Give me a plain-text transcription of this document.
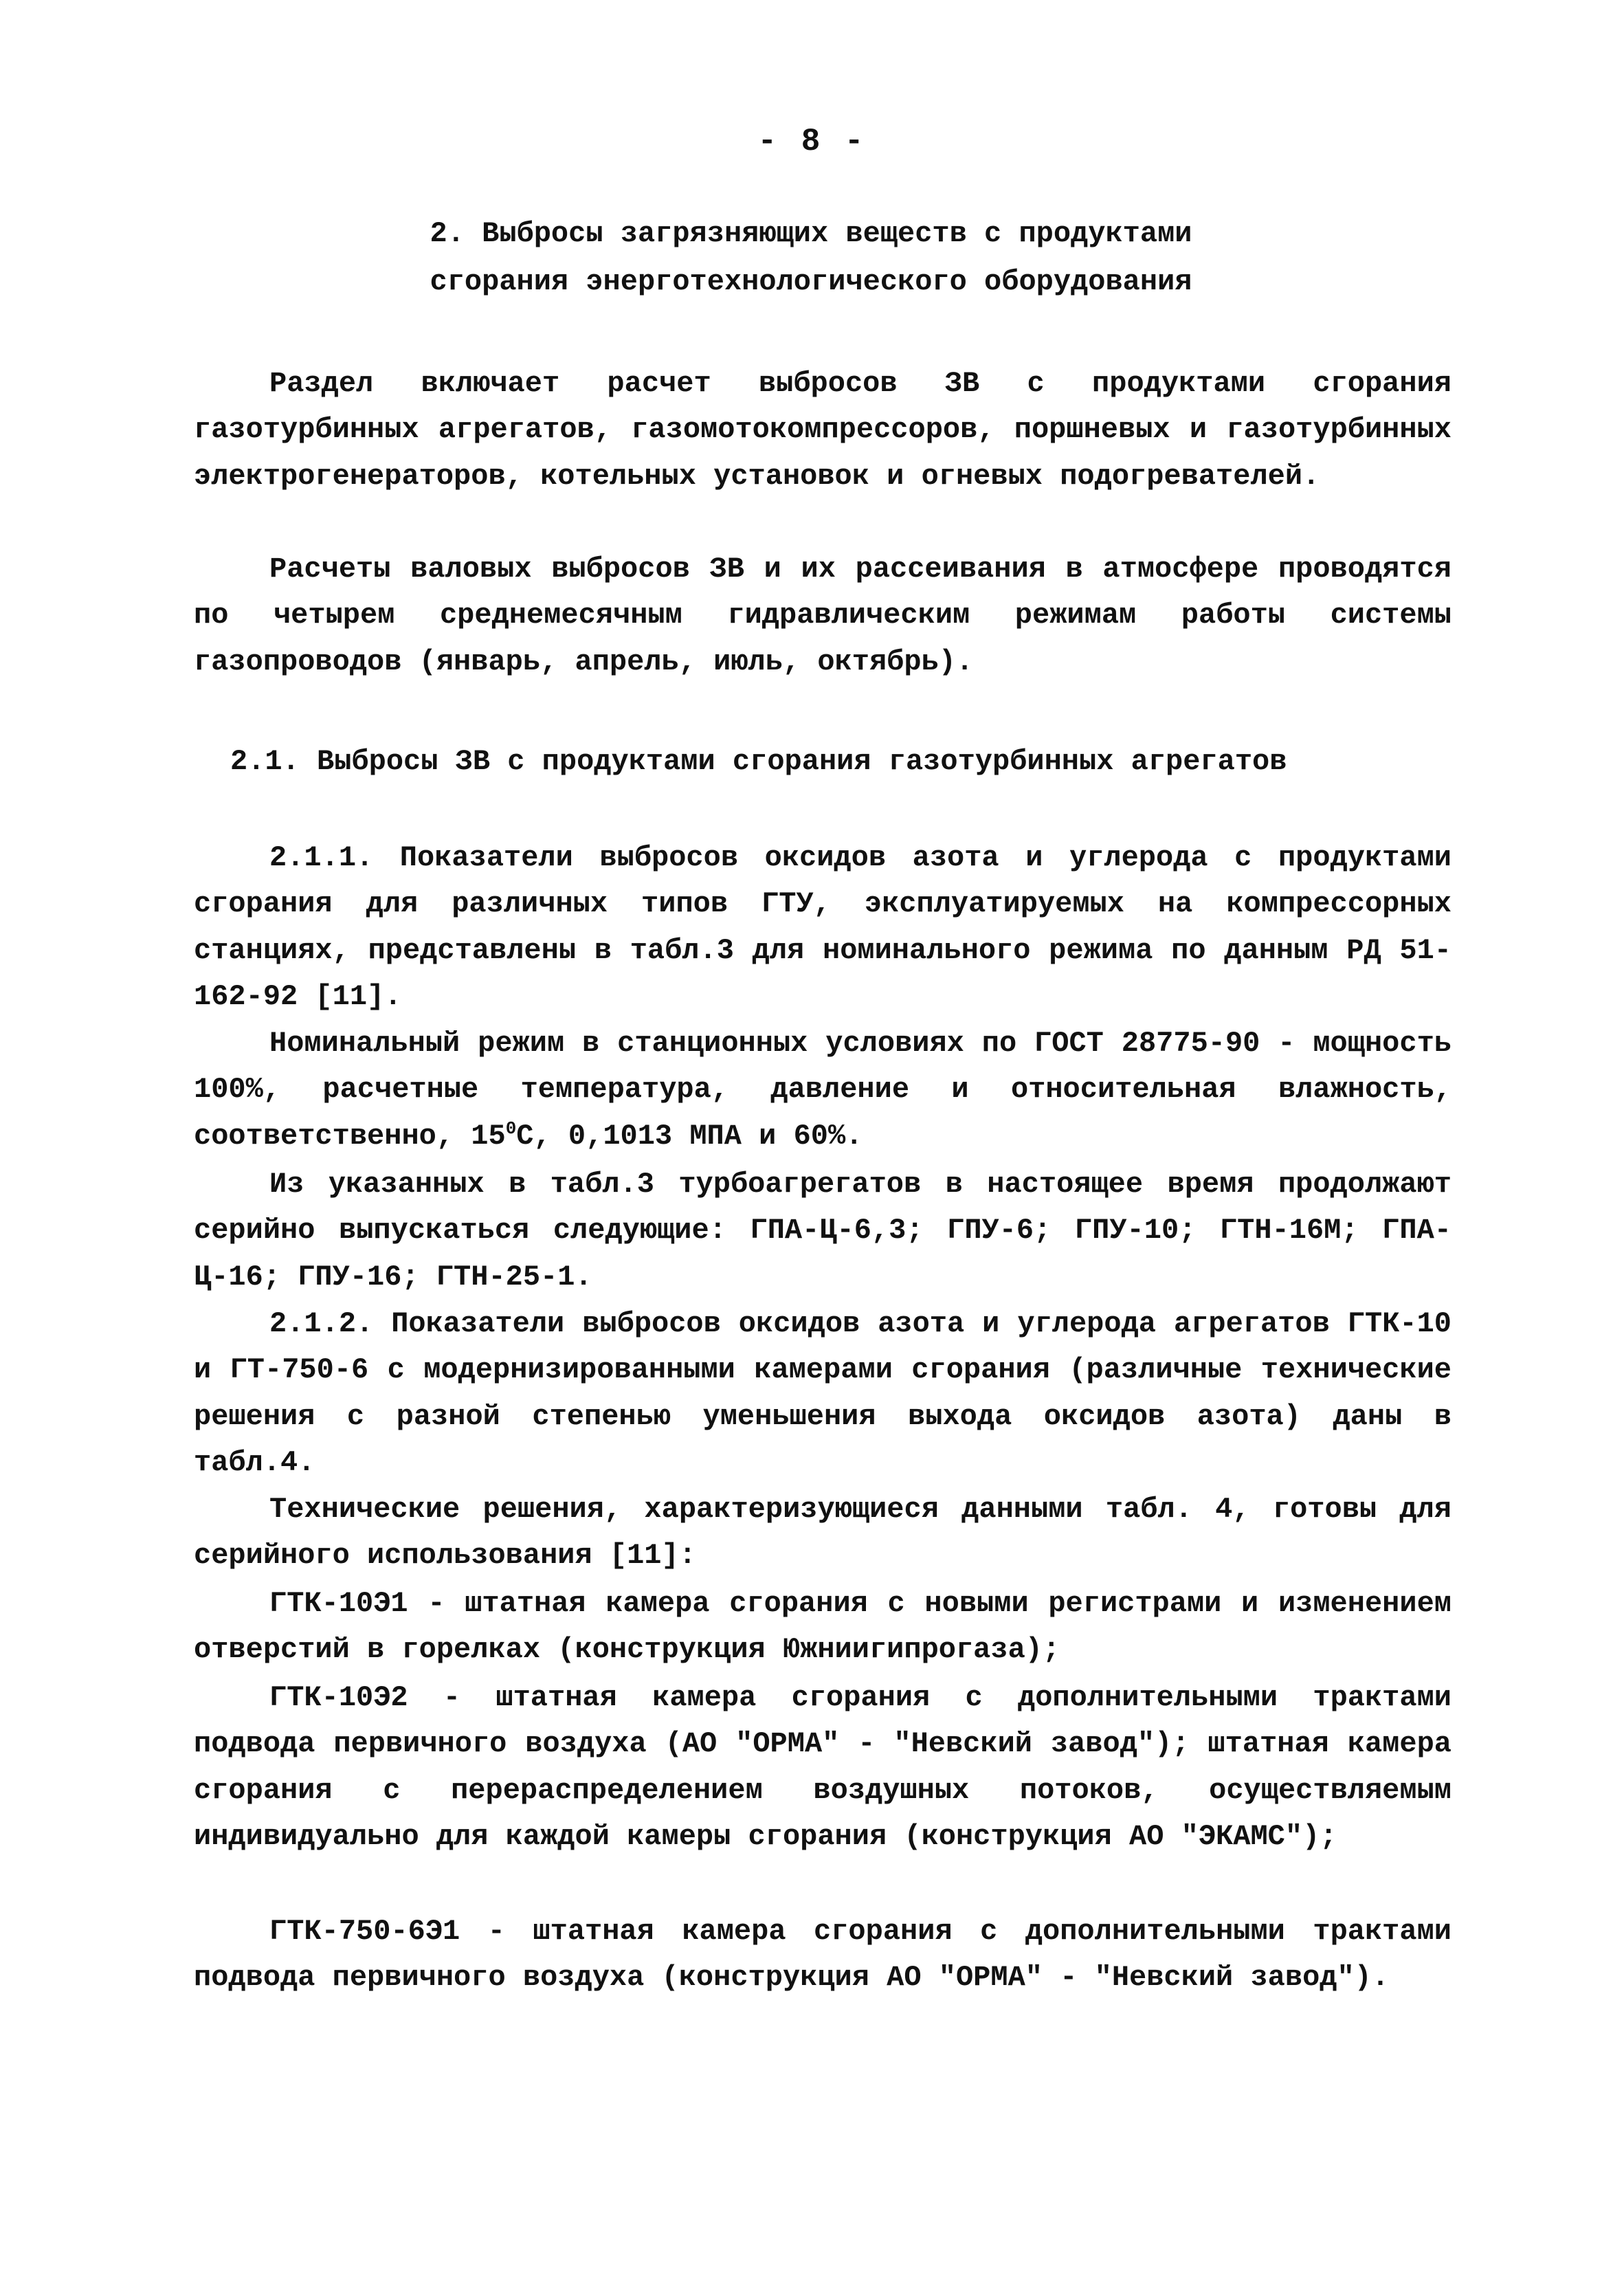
- 8 -
2. Выбросы загрязняющих веществ с продуктами
сгорания энерготехнологического оборудования

Раздел включает расчет выбросов ЗВ с продуктами сгорания газотурбинных агрегатов, газомотокомпрессоров, поршневых и газотурбинных электрогенераторов, котельных установок и огневых подогревателей.

Расчеты валовых выбросов ЗВ и их рассеивания в атмосфере проводятся по четырем среднемесячным гидравлическим режимам работы системы газопроводов (январь, апрель, июль, октябрь).

2.1. Выбросы ЗВ с продуктами сгорания газотурбинных агрегатов

2.1.1. Показатели выбросов оксидов азота и углерода с продуктами сгорания для различных типов ГТУ, эксплуатируемых на компрессорных станциях, представлены в табл.3 для номинального режима по данным РД 51-162-92 [11].

Номинальный режим в станционных условиях по ГОСТ 28775-90 - мощность 100%, расчетные температура, давление и относительная влажность, соответственно, $15^0С$, 0,1013 МПА и 60%.

Из указанных в табл.3 турбоагрегатов в настоящее время продолжают серийно выпускаться следующие: ГПА-Ц-6,3; ГПУ-6; ГПУ-10; ГТН-16М; ГПА-Ц-16; ГПУ-16; ГТН-25-1.

2.1.2. Показатели выбросов оксидов азота и углерода агрегатов ГТК-10 и ГТ-750-6 с модернизированными камерами сгорания (различные технические решения с разной степенью уменьшения выхода оксидов азота) даны в табл.4.

Технические решения, характеризующиеся данными табл. 4, готовы для серийного использования [11]:

ГТК-10Э1 - штатная камера сгорания с новыми регистрами и изменением отверстий в горелках (конструкция Южниигипрогаза);

ГТК-10Э2 - штатная камера сгорания с дополнительными трактами подвода первичного воздуха (АО "ОРМА" - "Невский завод"); штатная камера сгорания с перераспределением воздушных потоков, осуществляемым индивидуально для каждой камеры сгорания (конструкция АО "ЭКАМС");

ГТК-750-6Э1 - штатная камера сгорания с дополнительными трактами подвода первичного воздуха (конструкция АО "ОРМА" - "Невский завод").
